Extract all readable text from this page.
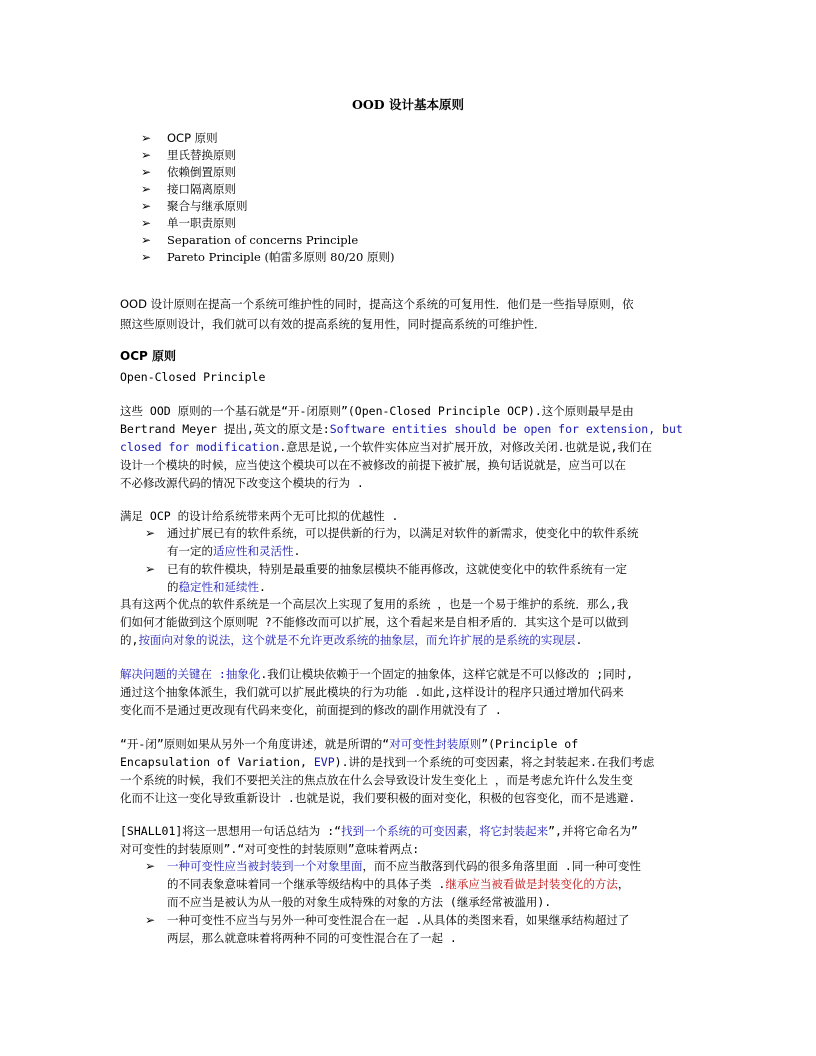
OOD 设计基本原则
➢ OCP 原则
➢ 里氏替换原则
➢ 依赖倒置原则
➢ 接口隔离原则
➢ 聚合与继承原则
➢ 单一职责原则
➢ Separation of concerns Principle
➢ Pareto Principle (帕雷多原则 80/20 原则)
OOD 设计原则在提高一个系统可维护性的同时，提高这个系统的可复用性．他们是一些指导原则，依
照这些原则设计，我们就可以有效的提高系统的复用性，同时提高系统的可维护性．
OCP 原则
Open-Closed Principle
这些 OOD 原则的一个基石就是“开-闭原则”(Open-Closed Principle OCP).这个原则最早是由
Bertrand Meyer 提出,英文的原文是:Software entities should be open for extension, but
closed for modification.意思是说,一个软件实体应当对扩展开放，对修改关闭.也就是说,我们在
设计一个模块的时候，应当使这个模块可以在不被修改的前提下被扩展，换句话说就是，应当可以在
不必修改源代码的情况下改变这个模块的行为 .
满足 OCP 的设计给系统带来两个无可比拟的优越性 .
➢ 通过扩展已有的软件系统，可以提供新的行为，以满足对软件的新需求，使变化中的软件系统
有一定的适应性和灵活性.
➢ 已有的软件模块，特别是最重要的抽象层模块不能再修改，这就使变化中的软件系统有一定
的稳定性和延续性.
具有这两个优点的软件系统是一个高层次上实现了复用的系统 ，也是一个易于维护的系统．那么,我
们如何才能做到这个原则呢 ?不能修改而可以扩展，这个看起来是自相矛盾的．其实这个是可以做到
的,按面向对象的说法，这个就是不允许更改系统的抽象层，而允许扩展的是系统的实现层.
解决问题的关键在 :抽象化.我们让模块依赖于一个固定的抽象体，这样它就是不可以修改的 ;同时,
通过这个抽象体派生，我们就可以扩展此模块的行为功能 .如此,这样设计的程序只通过增加代码来
变化而不是通过更改现有代码来变化，前面提到的修改的副作用就没有了 .
“开-闭”原则如果从另外一个角度讲述，就是所谓的“对可变性封装原则”(Principle of
Encapsulation of Variation, EVP).讲的是找到一个系统的可变因素，将之封装起来.在我们考虑
一个系统的时候，我们不要把关注的焦点放在什么会导致设计发生变化上 ，而是考虑允许什么发生变
化而不让这一变化导致重新设计 .也就是说，我们要积极的面对变化，积极的包容变化，而不是逃避.
[SHALL01]将这一思想用一句话总结为 :“找到一个系统的可变因素，将它封装起来”,并将它命名为”
对可变性的封装原则”.“对可变性的封装原则”意味着两点:
➢ 一种可变性应当被封装到一个对象里面，而不应当散落到代码的很多角落里面 .同一种可变性
的不同表象意味着同一个继承等级结构中的具体子类 .继承应当被看做是封装变化的方法，
而不应当是被认为从一般的对象生成特殊的对象的方法 (继承经常被滥用).
➢ 一种可变性不应当与另外一种可变性混合在一起 .从具体的类图来看，如果继承结构超过了
两层，那么就意味着将两种不同的可变性混合在了一起 .
